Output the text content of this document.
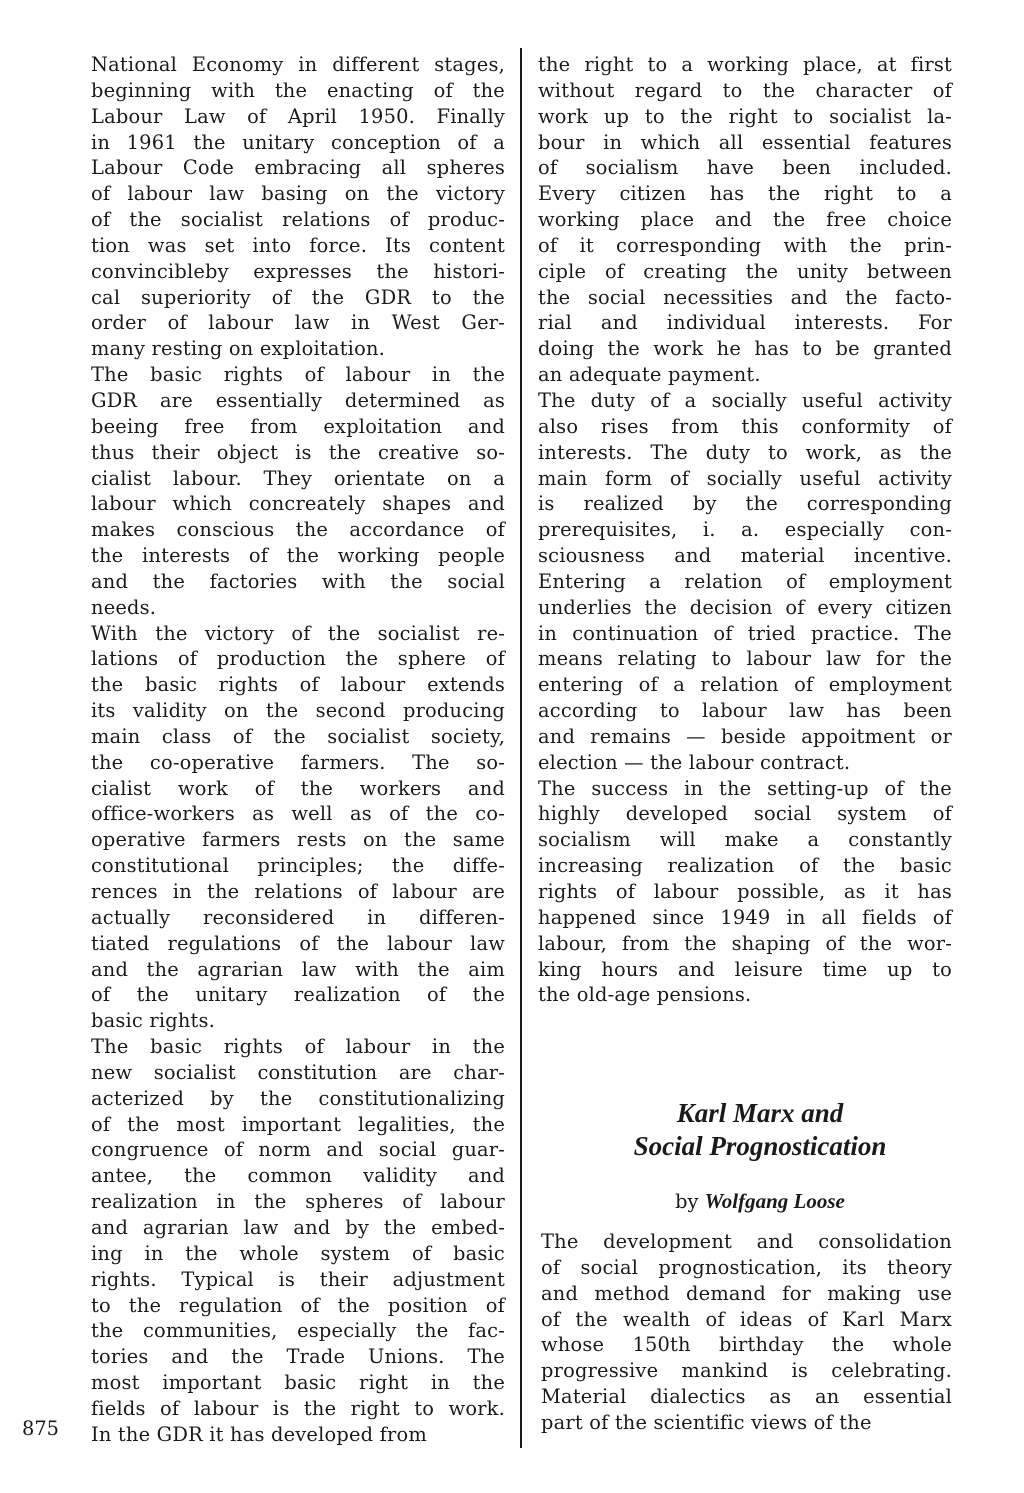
National Economy in different stages,
beginning with the enacting of the
Labour Law of April 1950. Finally
in 1961 the unitary conception of a
Labour Code embracing all spheres
of labour law basing on the victory
of the socialist relations of produc-
tion was set into force. Its content
convincibleby expresses the histori-
cal superiority of the GDR to the
order of labour law in West Ger-
many resting on exploitation.
The basic rights of labour in the
GDR are essentially determined as
beeing free from exploitation and
thus their object is the creative so-
cialist labour. They orientate on a
labour which concreately shapes and
makes conscious the accordance of
the interests of the working people
and the factories with the social
needs.
With the victory of the socialist re-
lations of production the sphere of
the basic rights of labour extends
its validity on the second producing
main class of the socialist society,
the co-operative farmers. The so-
cialist work of the workers and
office-workers as well as of the co-
operative farmers rests on the same
constitutional principles; the diffe-
rences in the relations of labour are
actually reconsidered in differen-
tiated regulations of the labour law
and the agrarian law with the aim
of the unitary realization of the
basic rights.
The basic rights of labour in the
new socialist constitution are char-
acterized by the constitutionalizing
of the most important legalities, the
congruence of norm and social guar-
antee, the common validity and
realization in the spheres of labour
and agrarian law and by the embed-
ing in the whole system of basic
rights. Typical is their adjustment
to the regulation of the position of
the communities, especially the fac-
tories and the Trade Unions. The
most important basic right in the
fields of labour is the right to work.
In the GDR it has developed from
the right to a working place, at first
without regard to the character of
work up to the right to socialist la-
bour in which all essential features
of socialism have been included.
Every citizen has the right to a
working place and the free choice
of it corresponding with the prin-
ciple of creating the unity between
the social necessities and the facto-
rial and individual interests. For
doing the work he has to be granted
an adequate payment.
The duty of a socially useful activity
also rises from this conformity of
interests. The duty to work, as the
main form of socially useful activity
is realized by the corresponding
prerequisites, i. a. especially con-
sciousness and material incentive.
Entering a relation of employment
underlies the decision of every citizen
in continuation of tried practice. The
means relating to labour law for the
entering of a relation of employment
according to labour law has been
and remains — beside appoitment or
election — the labour contract.
The success in the setting-up of the
highly developed social system of
socialism will make a constantly
increasing realization of the basic
rights of labour possible, as it has
happened since 1949 in all fields of
labour, from the shaping of the wor-
king hours and leisure time up to
the old-age pensions.
Karl Marx and
Social Prognostication
by Wolfgang Loose
The development and consolidation
of social prognostication, its theory
and method demand for making use
of the wealth of ideas of Karl Marx
whose 150th birthday the whole
progressive mankind is celebrating.
Material dialectics as an essential
part of the scientific views of the
875
